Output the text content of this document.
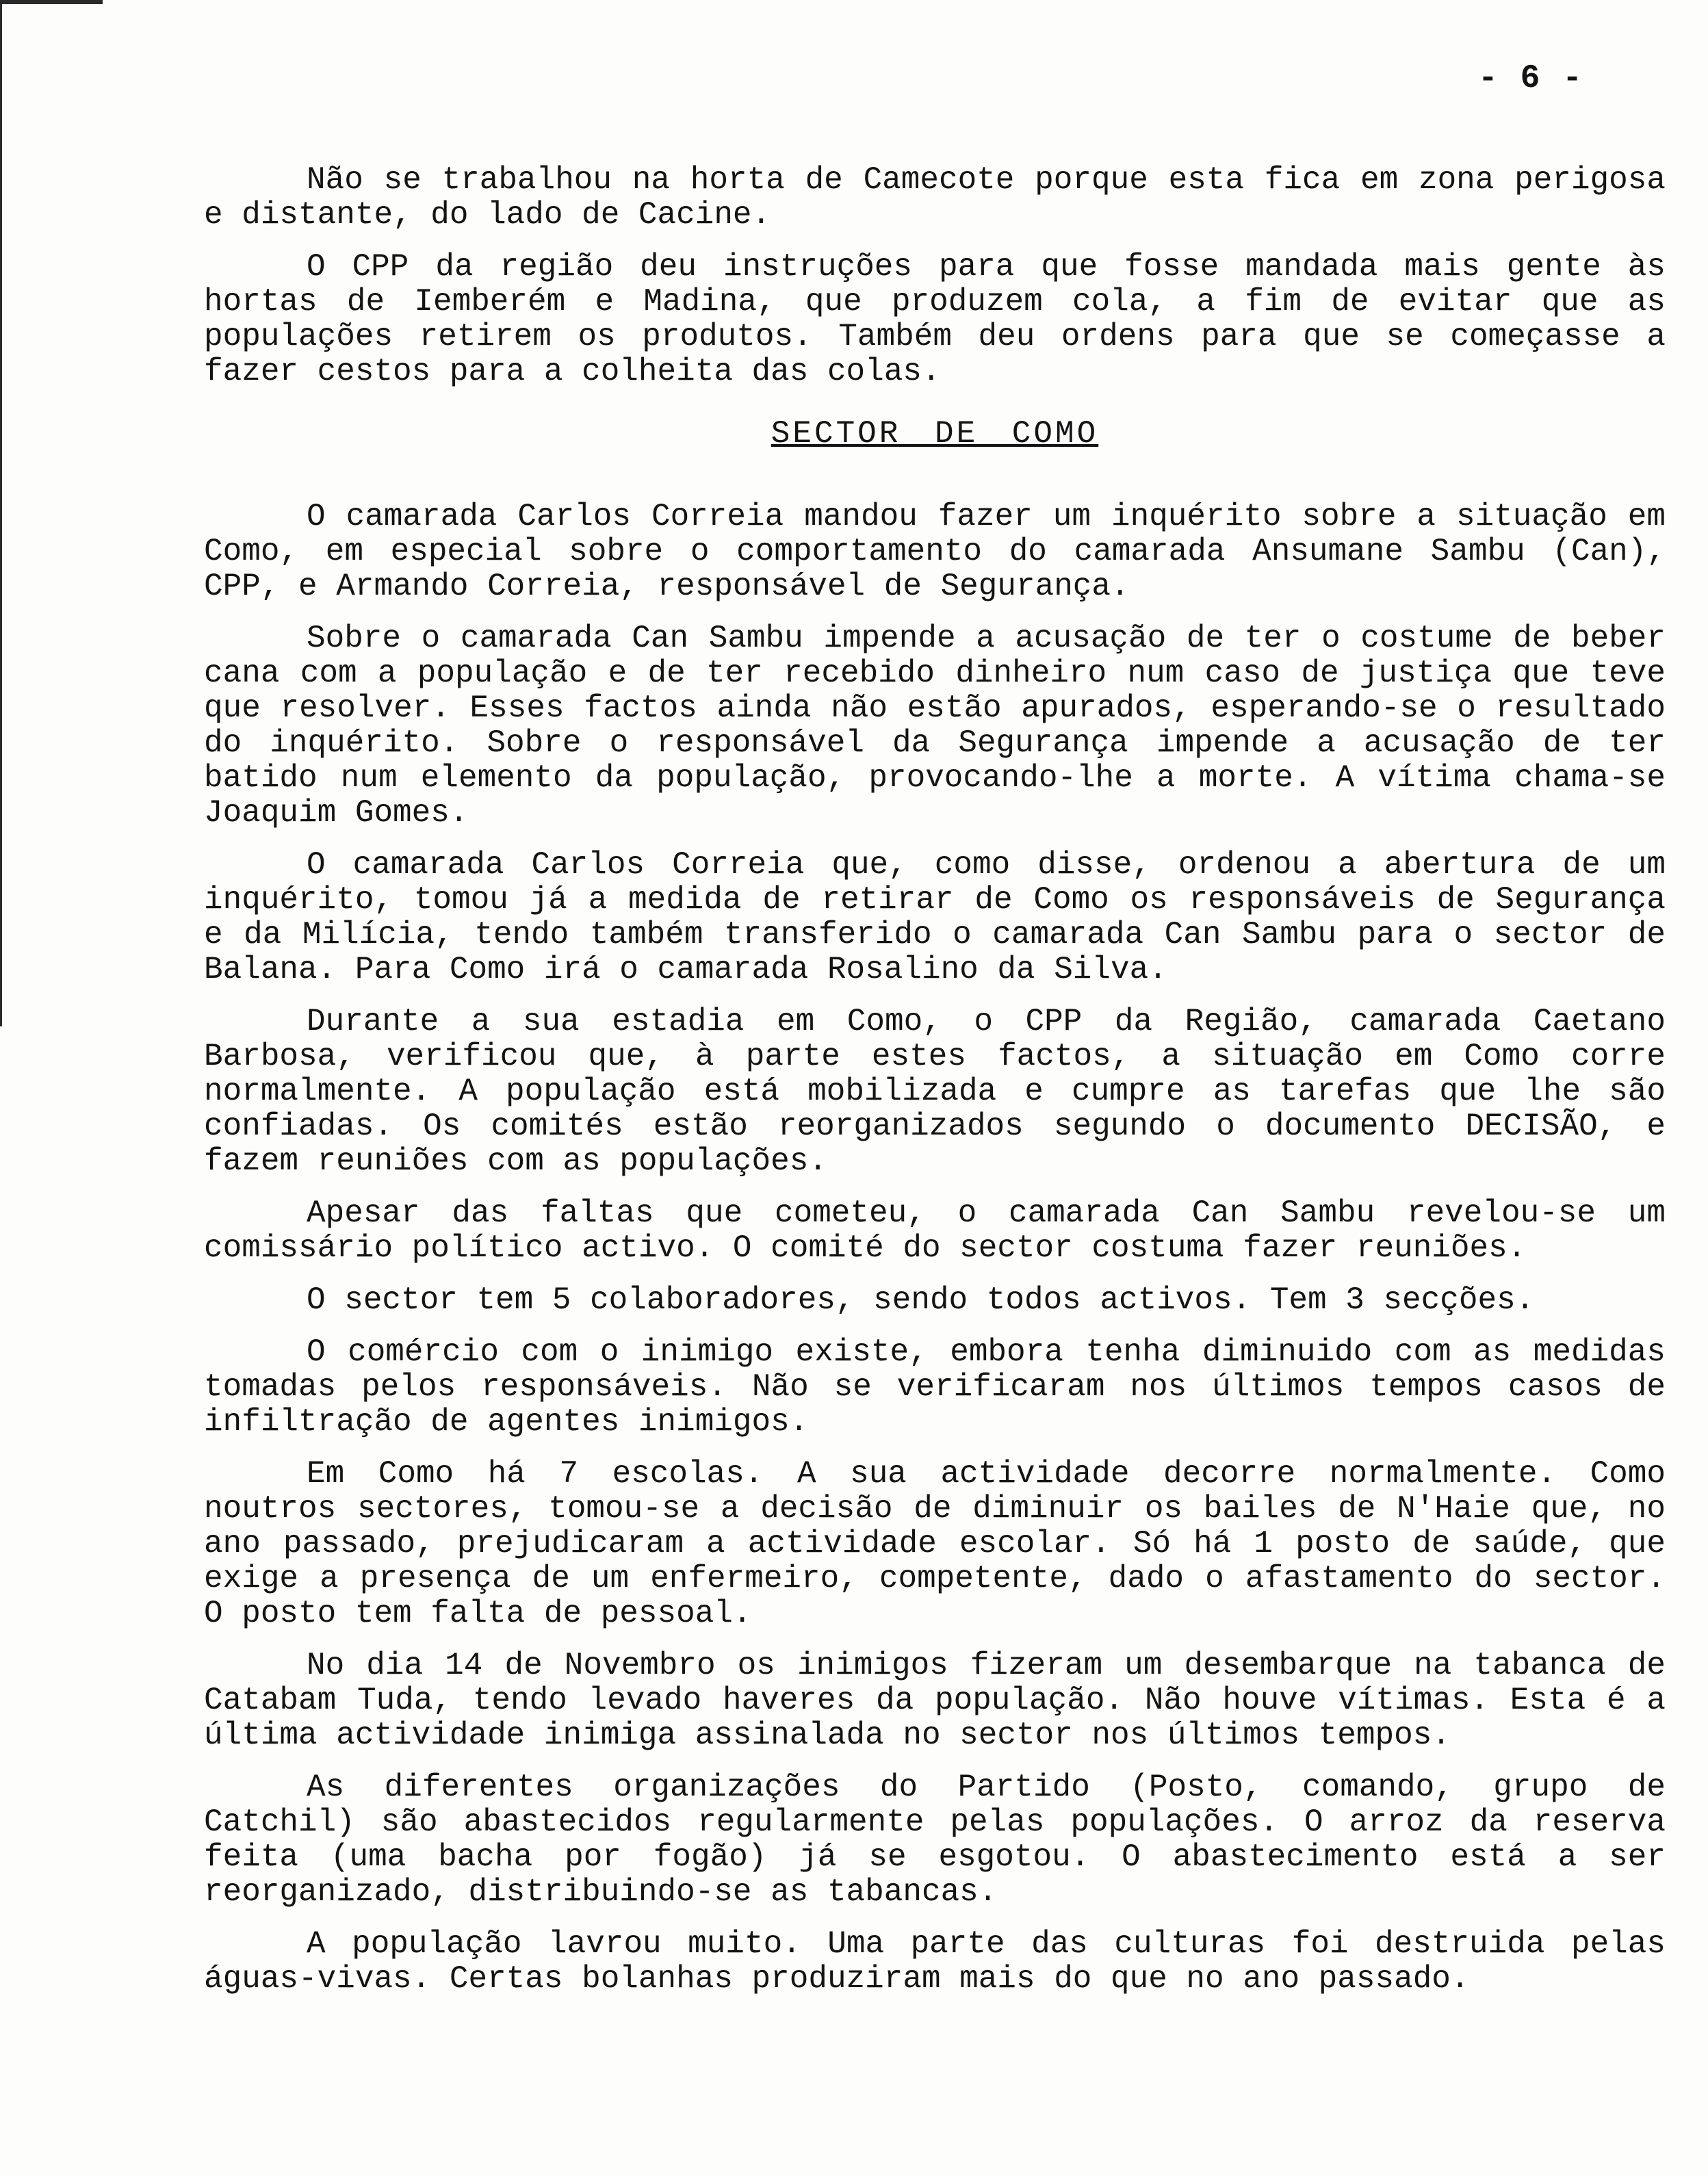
- 6 -

Não se trabalhou na horta de Camecote porque esta fica em zona perigosa e distante, do lado de Cacine.

O CPP da região deu instruções para que fosse mandada mais gente às hortas de Iemberém e Madina, que produzem cola, a fim de evitar que as populações retirem os produtos. Também deu ordens para que se começasse a fazer cestos para a colheita das colas.

SECTOR DE COMO

O camarada Carlos Correia mandou fazer um inquérito sobre a situação em Como, em especial sobre o comportamento do camarada Ansumane Sambu (Can), CPP, e Armando Correia, responsável de Segurança.

Sobre o camarada Can Sambu impende a acusação de ter o costume de beber cana com a população e de ter recebido dinheiro num caso de justiça que teve que resolver. Esses factos ainda não estão apurados, esperando-se o resultado do inquérito. Sobre o responsável da Segurança impende a acusação de ter batido num elemento da população, provocando-lhe a morte. A vítima chama-se Joaquim Gomes.

O camarada Carlos Correia que, como disse, ordenou a abertura de um inquérito, tomou já a medida de retirar de Como os responsáveis de Segurança e da Milícia, tendo também transferido o camarada Can Sambu para o sector de Balana. Para Como irá o camarada Rosalino da Silva.

Durante a sua estadia em Como, o CPP da Região, camarada Caetano Barbosa, verificou que, à parte estes factos, a situação em Como corre normalmente. A população está mobilizada e cumpre as tarefas que lhe são confiadas. Os comités estão reorganizados segundo o documento DECISÃO, e fazem reuniões com as populações.

Apesar das faltas que cometeu, o camarada Can Sambu revelou-se um comissário político activo. O comité do sector costuma fazer reuniões.

O sector tem 5 colaboradores, sendo todos activos. Tem 3 secções.

O comércio com o inimigo existe, embora tenha diminuido com as medidas tomadas pelos responsáveis. Não se verificaram nos últimos tempos casos de infiltração de agentes inimigos.

Em Como há 7 escolas. A sua actividade decorre normalmente. Como noutros sectores, tomou-se a decisão de diminuir os bailes de N'Haie que, no ano passado, prejudicaram a actividade escolar. Só há 1 posto de saúde, que exige a presença de um enfermeiro, competente, dado o afastamento do sector. O posto tem falta de pessoal.

No dia 14 de Novembro os inimigos fizeram um desembarque na tabanca de Catabam Tuda, tendo levado haveres da população. Não houve vítimas. Esta é a última actividade inimiga assinalada no sector nos últimos tempos.

As diferentes organizações do Partido (Posto, comando, grupo de Catchil) são abastecidos regularmente pelas populações. O arroz da reserva feita (uma bacha por fogão) já se esgotou. O abastecimento está a ser reorganizado, distribuindo-se as tabancas.

A população lavrou muito. Uma parte das culturas foi destruida pelas águas-vivas. Certas bolanhas produziram mais do que no ano passado.
